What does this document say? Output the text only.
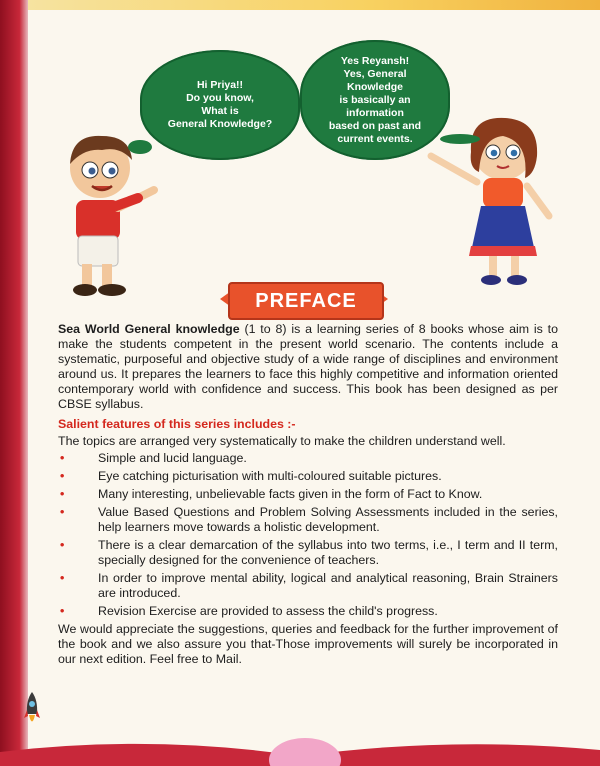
Hi Priya!!
Do you know,
What is
General Knowledge?
Yes Reyansh!
Yes, General Knowledge
is basically an
information
based on past and
current events.
PREFACE

Sea World General knowledge (1 to 8) is a learning series of 8 books whose aim is to make the students competent in the present world scenario. The contents include a systematic, purposeful and objective study of a wide range of disciplines and environment around us. It prepares the learners to face this highly competitive and information oriented contemporary world with confidence and success. This book has been designed as per CBSE syllabus.

Salient features of this series includes :-

The topics are arranged very systematically to make the children understand well.

•	Simple and lucid language.
•	Eye catching picturisation with multi-coloured suitable pictures.
•	Many interesting, unbelievable facts given in the form of Fact to Know.
•	Value Based Questions and Problem Solving Assessments included in the series, help learners move towards a holistic development.
•	There is a clear demarcation of the syllabus into two terms, i.e., I term and II term, specially designed for the convenience of teachers.
•	In order to improve mental ability, logical and analytical reasoning, Brain Strainers are introduced.
•	Revision Exercise are provided to assess the child's progress.

We would appreciate the suggestions, queries and feedback for the further improvement of the book and we also assure you that-Those improvements will surely be incorporated in our next edition. Feel free to Mail.
